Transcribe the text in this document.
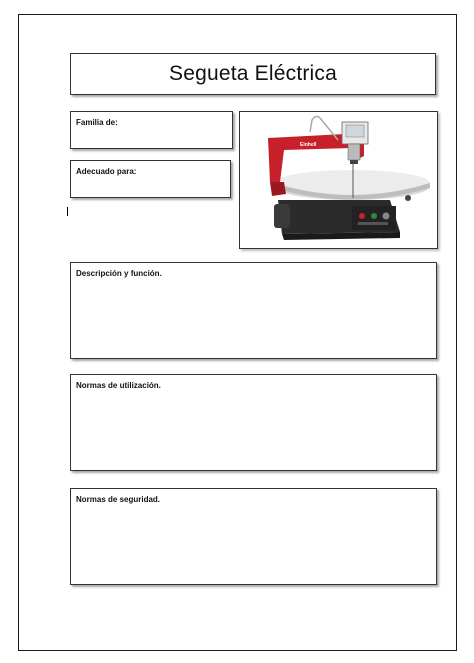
Segueta Eléctrica
Familia de:
Adecuado para:
Einhell
Descripción y función.
Normas de utilización.
Normas de seguridad.
